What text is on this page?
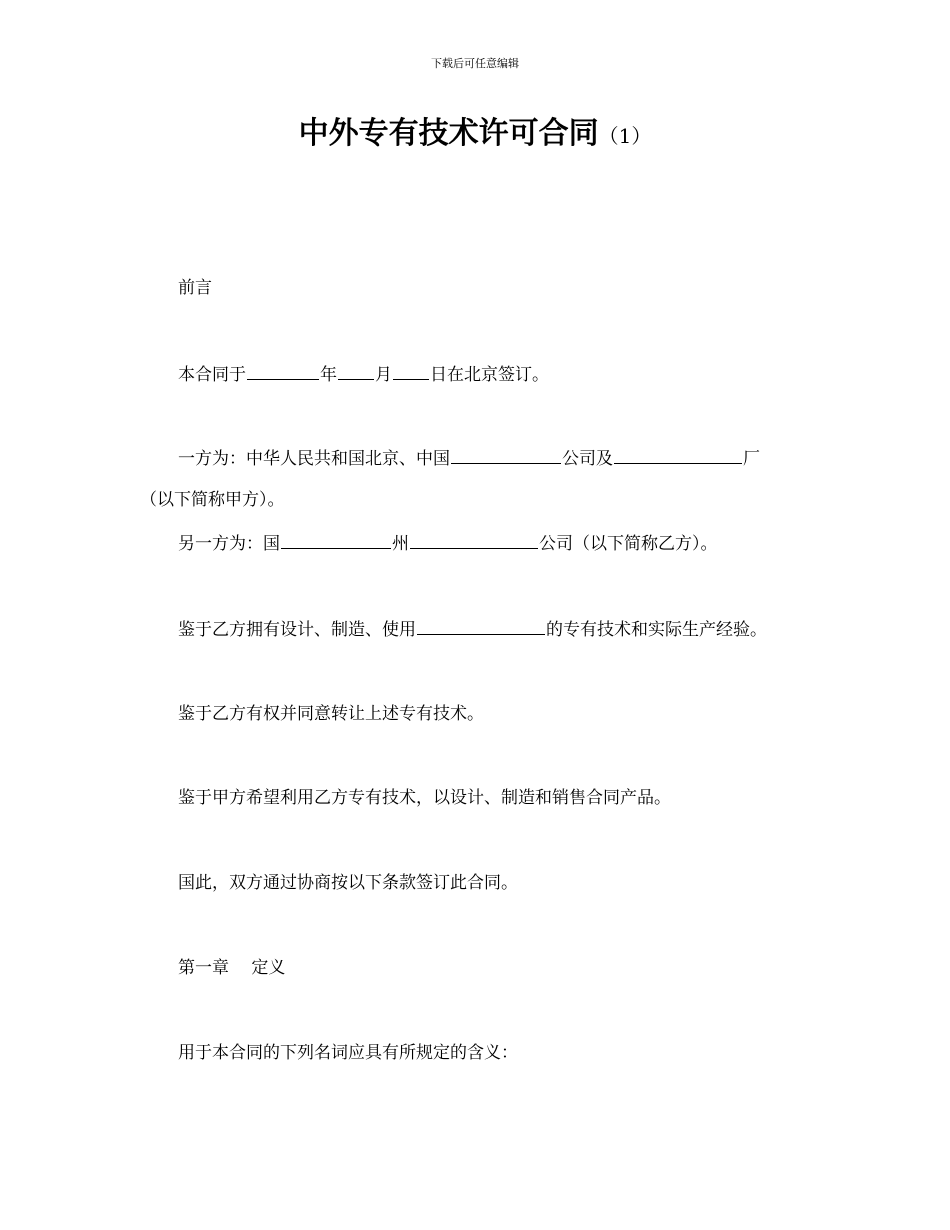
下载后可任意编辑
中外专有技术许可合同（1）
前言
本合同于	年 月 日在北京签订。
一方为：中华人民共和国北京、中国	公司及	厂
（以下简称甲方）。
另一方为：国	州	公司（以下简称乙方）。
鉴于乙方拥有设计、制造、使用	的专有技术和实际生产经验。
鉴于乙方有权并同意转让上述专有技术。
鉴于甲方希望利用乙方专有技术，以设计、制造和销售合同产品。
国此，双方通过协商按以下条款签订此合同。
第一章　 定义
用于本合同的下列名词应具有所规定的含义：
